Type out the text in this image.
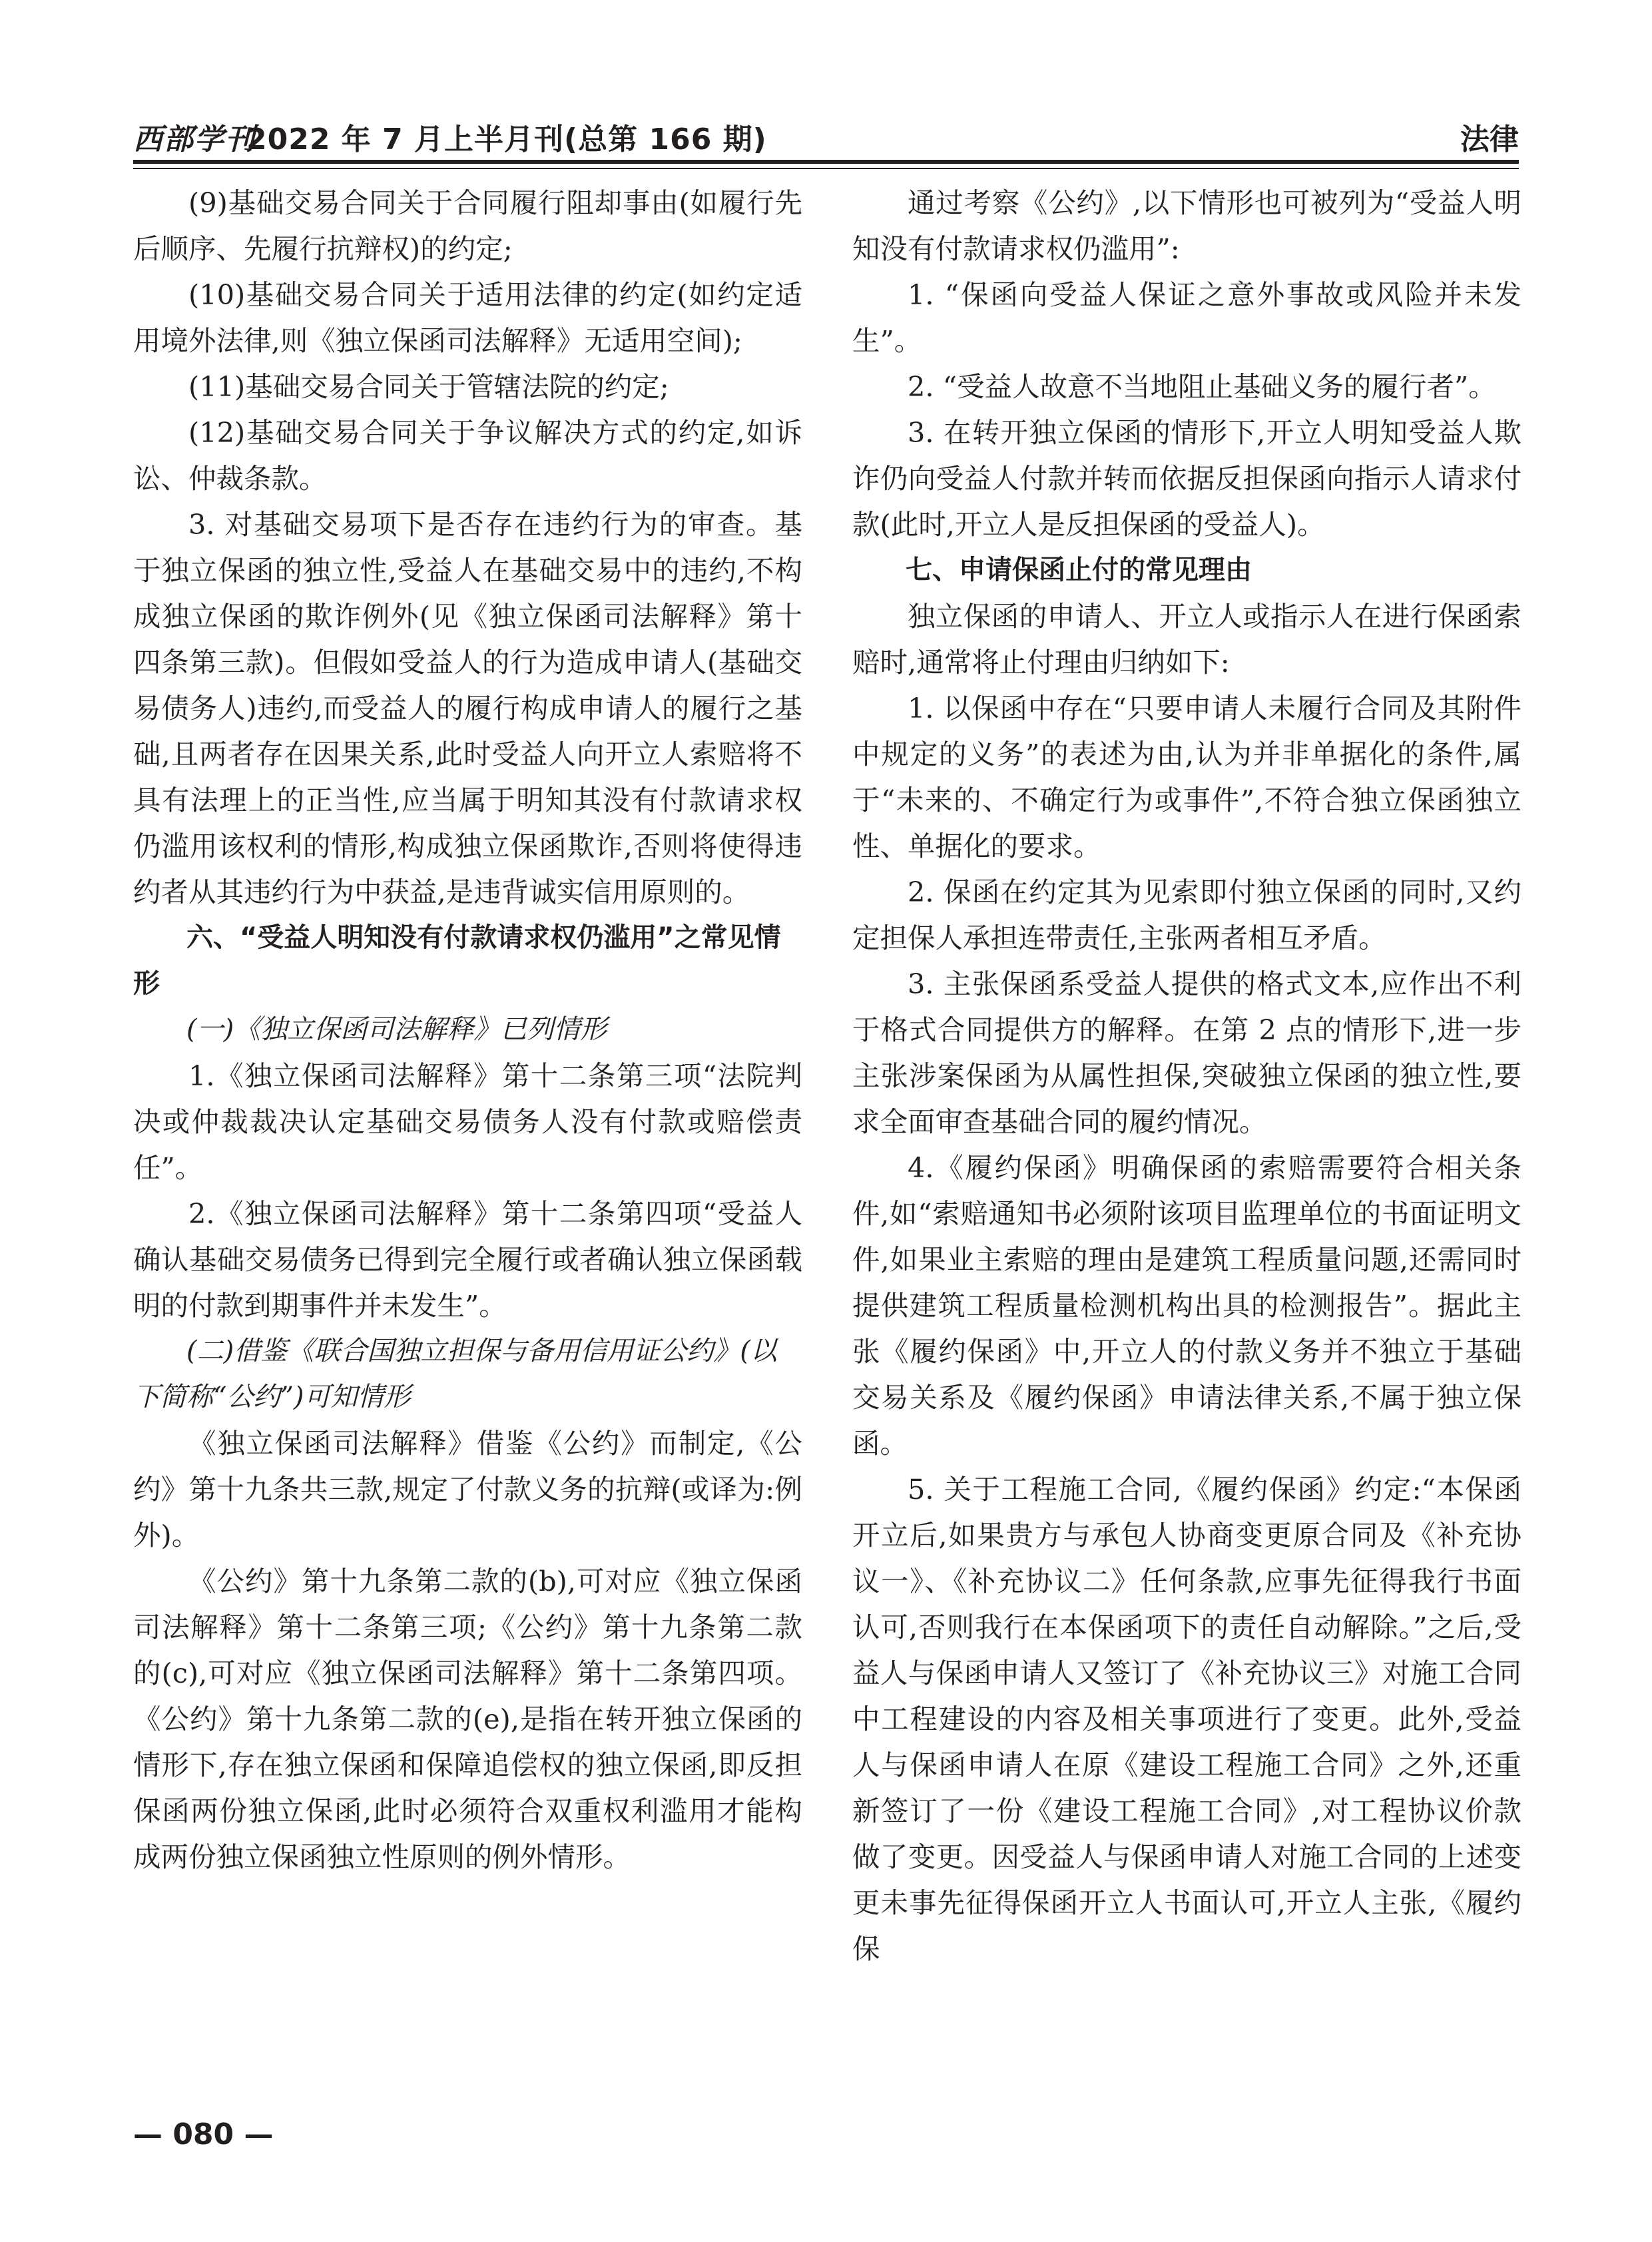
西部学刊
2022 年 7 月上半月刊(总第 166 期)	法律

(9)基础交易合同关于合同履行阻却事由(如履行先后顺序、先履行抗辩权)的约定;

(10)基础交易合同关于适用法律的约定(如约定适用境外法律,则《独立保函司法解释》无适用空间);

(11)基础交易合同关于管辖法院的约定;

(12)基础交易合同关于争议解决方式的约定,如诉讼、仲裁条款。

3. 对基础交易项下是否存在违约行为的审查。基于独立保函的独立性,受益人在基础交易中的违约,不构成独立保函的欺诈例外(见《独立保函司法解释》第十四条第三款)。但假如受益人的行为造成申请人(基础交易债务人)违约,而受益人的履行构成申请人的履行之基础,且两者存在因果关系,此时受益人向开立人索赔将不具有法理上的正当性,应当属于明知其没有付款请求权仍滥用该权利的情形,构成独立保函欺诈,否则将使得违约者从其违约行为中获益,是违背诚实信用原则的。

六、“受益人明知没有付款请求权仍滥用”之常见情形

(一)《独立保函司法解释》已列情形

1.《独立保函司法解释》第十二条第三项“法院判决或仲裁裁决认定基础交易债务人没有付款或赔偿责任”。

2.《独立保函司法解释》第十二条第四项“受益人确认基础交易债务已得到完全履行或者确认独立保函载明的付款到期事件并未发生”。

(二)借鉴《联合国独立担保与备用信用证公约》(以下简称“公约”)可知情形

《独立保函司法解释》借鉴《公约》而制定,《公约》第十九条共三款,规定了付款义务的抗辩(或译为:例外)。

《公约》第十九条第二款的(b),可对应《独立保函司法解释》第十二条第三项;《公约》第十九条第二款的(c),可对应《独立保函司法解释》第十二条第四项。《公约》第十九条第二款的(e),是指在转开独立保函的情形下,存在独立保函和保障追偿权的独立保函,即反担保函两份独立保函,此时必须符合双重权利滥用才能构成两份独立保函独立性原则的例外情形。

通过考察《公约》,以下情形也可被列为“受益人明知没有付款请求权仍滥用”:

1. “保函向受益人保证之意外事故或风险并未发生”。

2. “受益人故意不当地阻止基础义务的履行者”。

3. 在转开独立保函的情形下,开立人明知受益人欺诈仍向受益人付款并转而依据反担保函向指示人请求付款(此时,开立人是反担保函的受益人)。

七、申请保函止付的常见理由

独立保函的申请人、开立人或指示人在进行保函索赔时,通常将止付理由归纳如下:

1. 以保函中存在“只要申请人未履行合同及其附件中规定的义务”的表述为由,认为并非单据化的条件,属于“未来的、不确定行为或事件”,不符合独立保函独立性、单据化的要求。

2. 保函在约定其为见索即付独立保函的同时,又约定担保人承担连带责任,主张两者相互矛盾。

3. 主张保函系受益人提供的格式文本,应作出不利于格式合同提供方的解释。在第 2 点的情形下,进一步主张涉案保函为从属性担保,突破独立保函的独立性,要求全面审查基础合同的履约情况。

4.《履约保函》明确保函的索赔需要符合相关条件,如“索赔通知书必须附该项目监理单位的书面证明文件,如果业主索赔的理由是建筑工程质量问题,还需同时提供建筑工程质量检测机构出具的检测报告”。据此主张《履约保函》中,开立人的付款义务并不独立于基础交易关系及《履约保函》申请法律关系,不属于独立保函。

5. 关于工程施工合同,《履约保函》约定:“本保函开立后,如果贵方与承包人协商变更原合同及《补充协议一》、《补充协议二》任何条款,应事先征得我行书面认可,否则我行在本保函项下的责任自动解除。”之后,受益人与保函申请人又签订了《补充协议三》对施工合同中工程建设的内容及相关事项进行了变更。此外,受益人与保函申请人在原《建设工程施工合同》之外,还重新签订了一份《建设工程施工合同》,对工程协议价款做了变更。因受益人与保函申请人对施工合同的上述变更未事先征得保函开立人书面认可,开立人主张,《履约保

— 080 —
